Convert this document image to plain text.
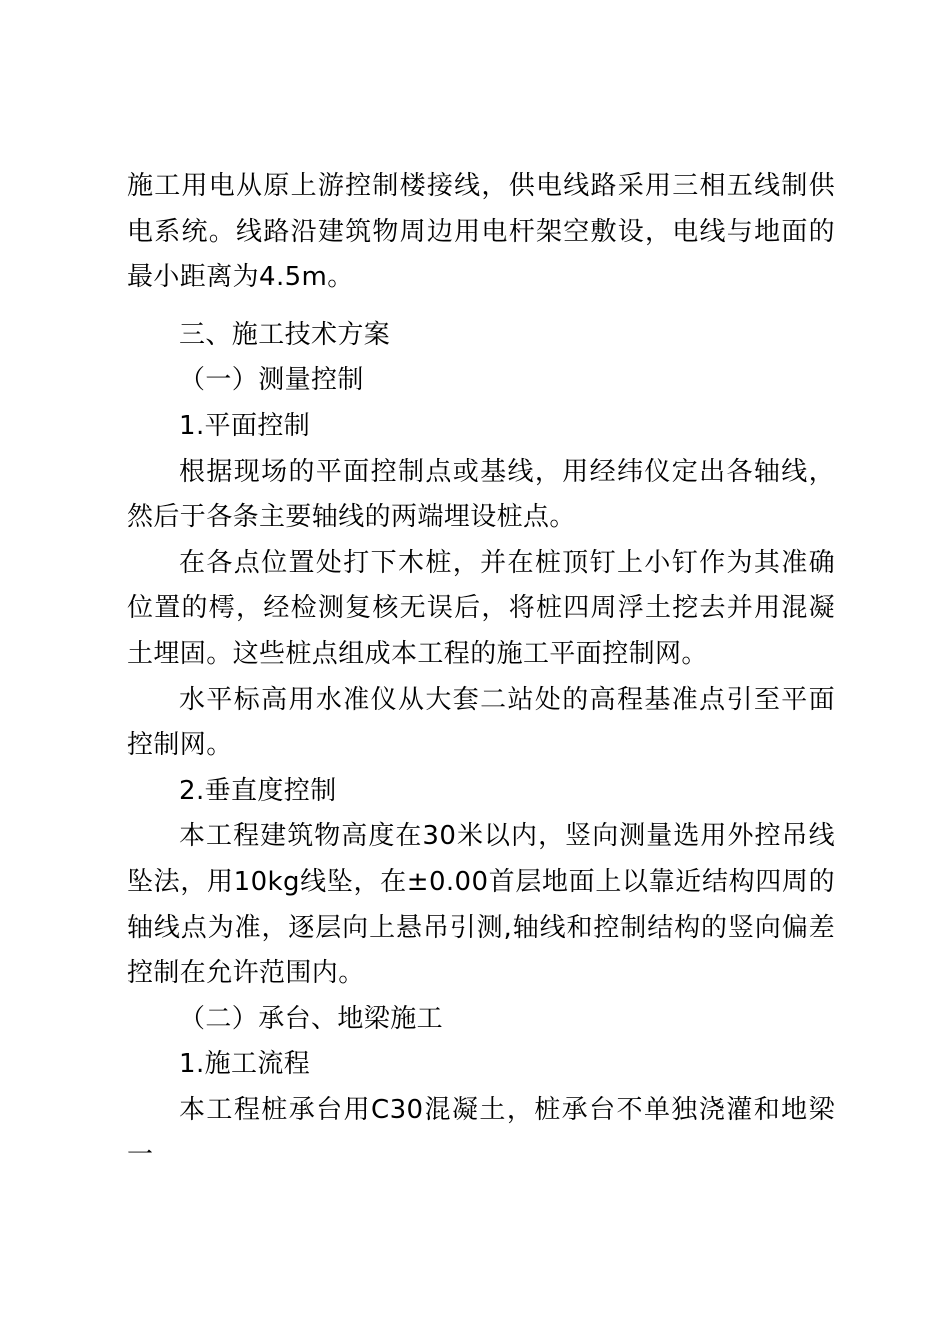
施工用电从原上游控制楼接线，供电线路采用三相五线制供电系统。线路沿建筑物周边用电杆架空敷设，电线与地面的最小距离为4.5m。

三、施工技术方案

（一）测量控制

1.平面控制

根据现场的平面控制点或基线，用经纬仪定出各轴线，然后于各条主要轴线的两端埋设桩点。

在各点位置处打下木桩，并在桩顶钉上小钉作为其准确位置的樗，经检测复核无误后，将桩四周浮土挖去并用混凝土埋固。这些桩点组成本工程的施工平面控制网。

水平标高用水准仪从大套二站处的高程基准点引至平面控制网。

2.垂直度控制

本工程建筑物高度在30米以内，竖向测量选用外控吊线坠法，用10kg线坠，在±0.00首层地面上以靠近结构四周的轴线点为准，逐层向上悬吊引测,轴线和控制结构的竖向偏差控制在允许范围内。

（二）承台、地梁施工

1.施工流程

本工程桩承台用C30混凝土，桩承台不单独浇灌和地梁一
